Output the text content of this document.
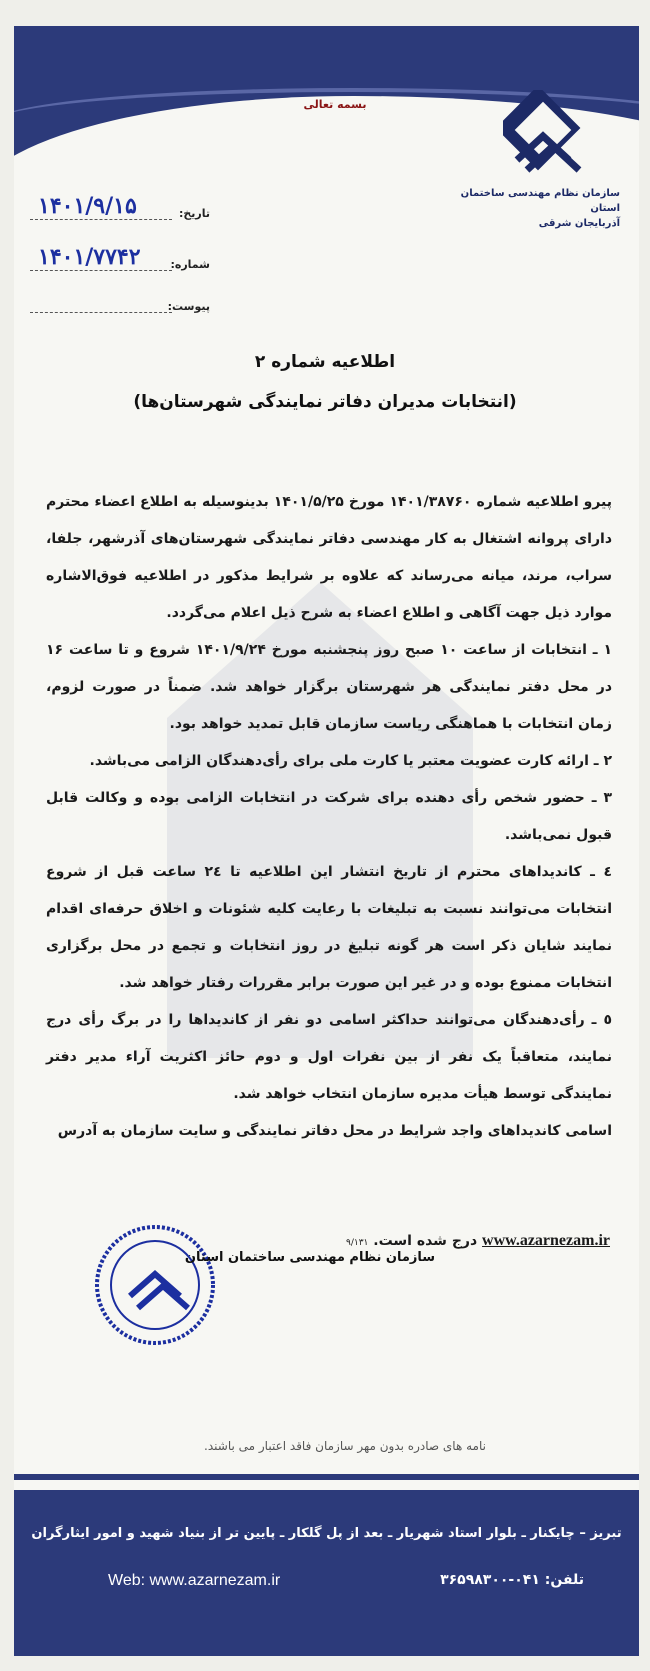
بسمه تعالی
سازمان نظام مهندسی ساختمان استان
آذربایجان شرقی
تاریخ:
۱۴۰۱/۹/۱۵
شماره:
۱۴۰۱/۷۷۴۲
پیوست:
اطلاعیه شماره ۲
(انتخابات مدیران دفاتر نمایندگی شهرستان‌ها)

پیرو اطلاعیه شماره ۱۴۰۱/۳۸۷۶۰ مورخ ۱۴۰۱/۵/۲۵ بدینوسیله به اطلاع اعضاء محترم دارای پروانه اشتغال به کار مهندسی دفاتر نمایندگی شهرستان‌های آذرشهر، جلفا، سراب، مرند، میانه می‌رساند که علاوه بر شرایط مذکور در اطلاعیه فوق‌الاشاره موارد ذیل جهت آگاهی و اطلاع اعضاء به شرح ذیل اعلام می‌گردد.

۱ ـ انتخابات از ساعت ۱۰ صبح روز پنجشنبه مورخ ۱۴۰۱/۹/۲۴ شروع و تا ساعت ۱۶ در محل دفتر نمایندگی هر شهرستان برگزار خواهد شد. ضمناً در صورت لزوم، زمان انتخابات با هماهنگی ریاست سازمان قابل تمدید خواهد بود.

۲ ـ ارائه کارت عضویت معتبر یا کارت ملی برای رأی‌دهندگان الزامی می‌باشد.

۳ ـ حضور شخص رأی دهنده برای شرکت در انتخابات الزامی بوده و وکالت قابل قبول نمی‌باشد.

٤ ـ کاندیداهای محترم از تاریخ انتشار این اطلاعیه تا ٢٤ ساعت قبل از شروع انتخابات می‌توانند نسبت به تبلیغات با رعایت کلیه شئونات و اخلاق حرفه‌ای اقدام نمایند شایان ذکر است هر گونه تبلیغ در روز انتخابات و تجمع در محل برگزاری انتخابات ممنوع بوده و در غیر این صورت برابر مقررات رفتار خواهد شد.

٥ ـ رأی‌دهندگان می‌توانند حداکثر اسامی دو نفر از کاندیداها را در برگ رأی درج نمایند، متعاقباً یک نفر از بین نفرات اول و دوم حائز اکثریت آراء مدیر دفتر نمایندگی توسط هیأت مدیره سازمان انتخاب خواهد شد.

اسامی کاندیداهای واجد شرایط در محل دفاتر نمایندگی و سایت سازمان به آدرس

www.azarnezam.ir درج شده است. ۹/۱۳۱
سازمان نظام مهندسی ساختمان استان
نامه های صادره بدون مهر سازمان فاقد اعتبار می باشند.
تبریز – چایکنار ـ بلوار استاد شهریار ـ بعد از پل گلکار ـ پایین تر از بنیاد شهید و امور ایثارگران
Web: www.azarnezam.ir	تلفن: ۰۴۱-۳۶۵۹۸۳۰۰
